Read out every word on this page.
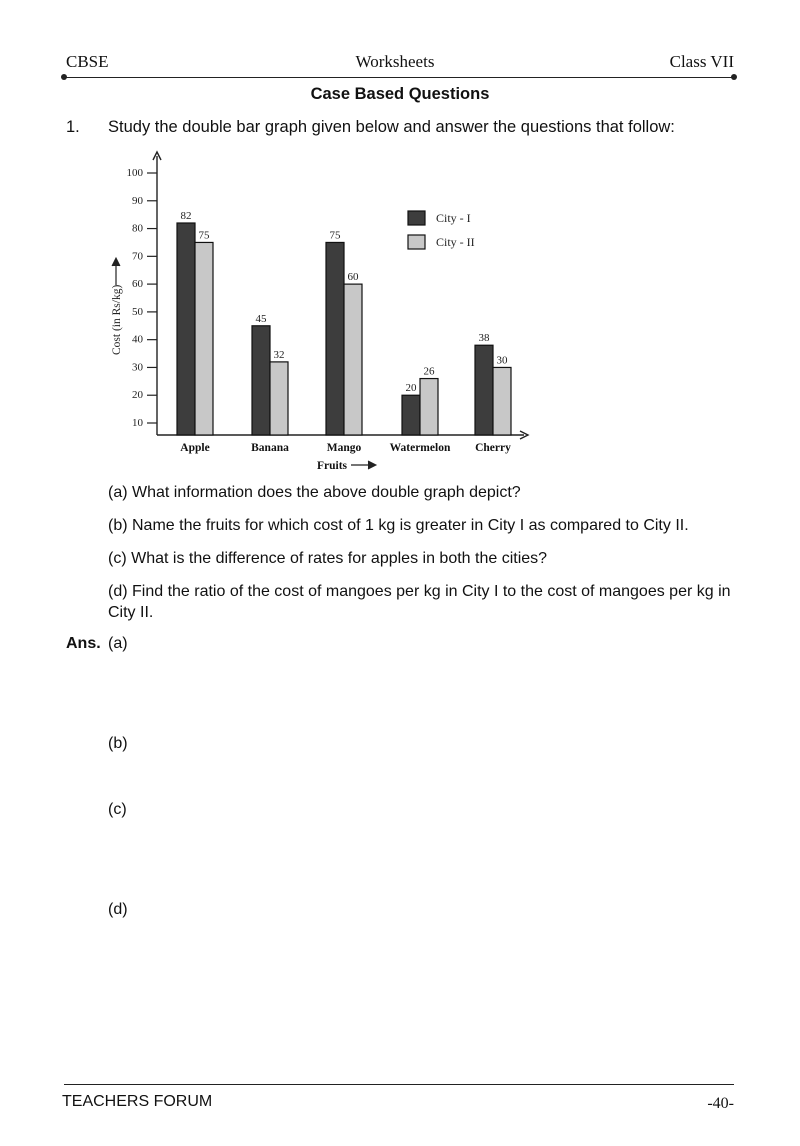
CBSE	Worksheets	Class VII
Case Based Questions
1. Study the double bar graph given below and answer the questions that follow:
10
20
30
40
50
60
70
80
90
100
Cost (in Rs/kg)
82
75
Apple
45
32
Banana
75
60
Mango
20
26
Watermelon
38
30
Cherry
Fruits
City - I
City - II
(a) What information does the above double graph depict?
(b) Name the fruits for which cost of 1 kg is greater in City I as compared to City II.
(c) What is the difference of rates for apples in both the cities?
(d) Find the ratio of the cost of mangoes per kg in City I to the cost of mangoes per kg in City II.
Ans. (a)
(b)
(c)
(d)
TEACHERS FORUM	-40-
